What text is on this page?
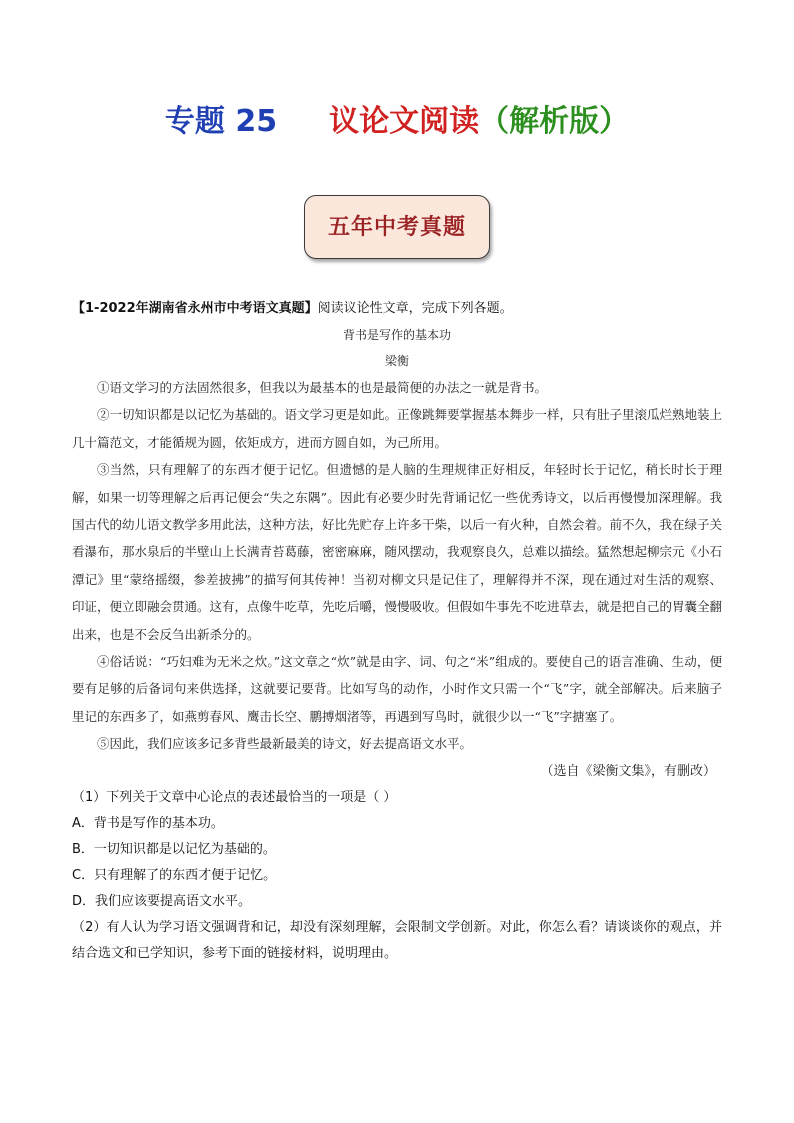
专题 25 议论文阅读（解析版）
五年中考真题
【1-2022年湖南省永州市中考语文真题】阅读议论性文章，完成下列各题。
背书是写作的基本功
梁衡

①语文学习的方法固然很多，但我以为最基本的也是最简便的办法之一就是背书。

②一切知识都是以记忆为基础的。语文学习更是如此。正像跳舞要掌握基本舞步一样，只有肚子里滚瓜烂熟地装上几十篇范文，才能循规为圆，依矩成方，进而方圆自如，为己所用。

③当然，只有理解了的东西才便于记忆。但遗憾的是人脑的生理规律正好相反，年轻时长于记忆，稍长时长于理解，如果一切等理解之后再记便会“失之东隅”。因此有必要少时先背诵记忆一些优秀诗文，以后再慢慢加深理解。我国古代的幼儿语文教学多用此法，这种方法，好比先贮存上许多干柴，以后一有火种，自然会着。前不久，我在绿子关看瀑布，那水泉后的半壁山上长满青苔葛藤，密密麻麻，随风摆动，我观察良久，总难以描绘。猛然想起柳宗元《小石潭记》里“蒙络摇缀，参差披拂”的描写何其传神！当初对柳文只是记住了，理解得并不深，现在通过对生活的观察、印证，便立即融会贯通。这有，点像牛吃草，先吃后嚼，慢慢吸收。但假如牛事先不吃进草去，就是把自己的胃囊全翻出来，也是不会反刍出新杀分的。

④俗话说：“巧妇难为无米之炊。”这文章之“炊”就是由字、词、句之“米”组成的。要使自己的语言准确、生动，便要有足够的后备词句来供选择，这就要记要背。比如写鸟的动作，小时作文只需一个“飞”字，就全部解决。后来脑子里记的东西多了，如燕剪春风、鹰击长空、鹏搏烟渚等，再遇到写鸟时，就很少以一“飞”字搪塞了。

⑤因此，我们应该多记多背些最新最美的诗文，好去提高语文水平。

（选自《梁衡文集》，有删改）

（1）下列关于文章中心论点的表述最恰当的一项是（ ）

A．背书是写作的基本功。

B．一切知识都是以记忆为基础的。

C．只有理解了的东西才便于记忆。

D．我们应该要提高语文水平。

（2）有人认为学习语文强调背和记，却没有深刻理解，会限制文学创新。对此，你怎么看？请谈谈你的观点，并结合选文和已学知识，参考下面的链接材料，说明理由。
